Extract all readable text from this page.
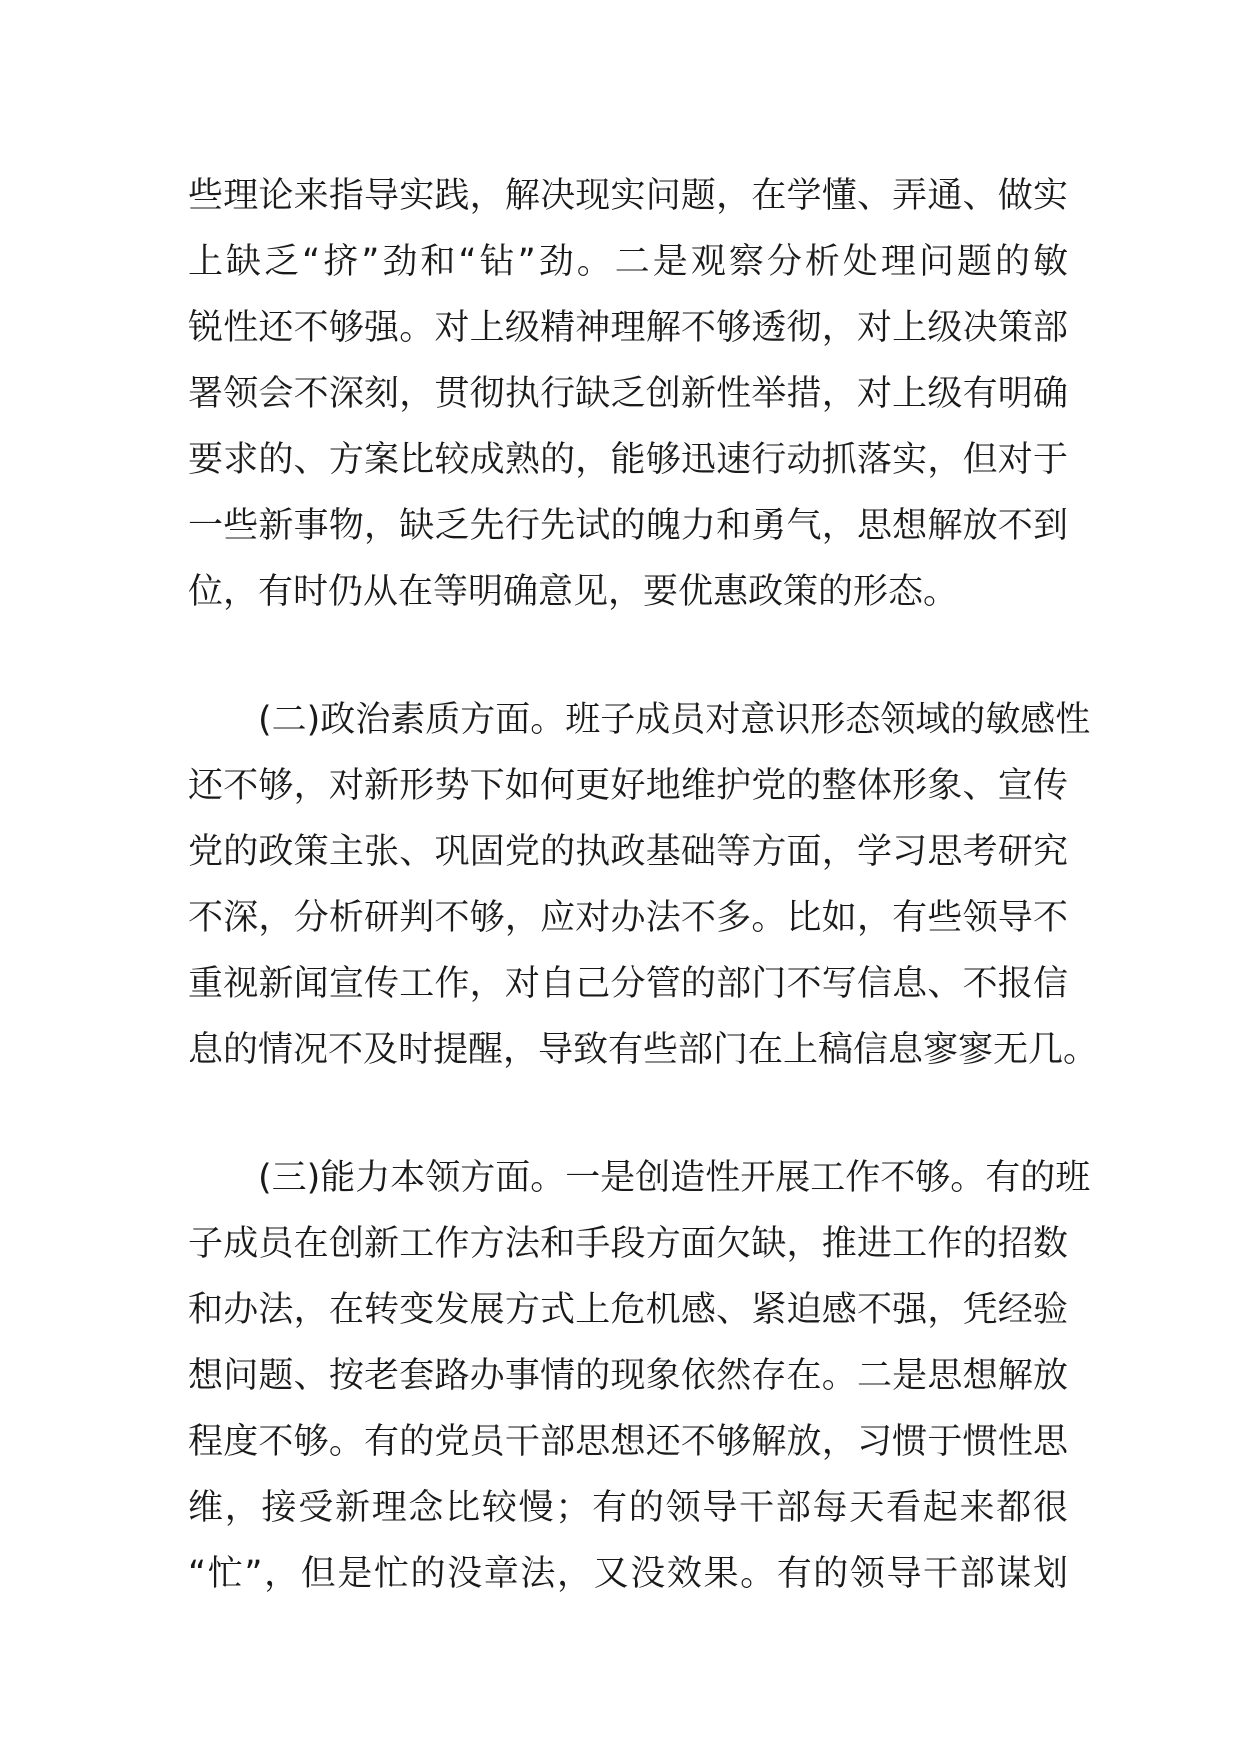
些理论来指导实践，解决现实问题，在学懂、弄通、做实
上缺乏“挤”劲和“钻”劲。二是观察分析处理问题的敏
锐性还不够强。对上级精神理解不够透彻，对上级决策部
署领会不深刻，贯彻执行缺乏创新性举措，对上级有明确
要求的、方案比较成熟的，能够迅速行动抓落实，但对于
一些新事物，缺乏先行先试的魄力和勇气，思想解放不到
位，有时仍从在等明确意见，要优惠政策的形态。
(二)政治素质方面。班子成员对意识形态领域的敏感性
还不够，对新形势下如何更好地维护党的整体形象、宣传
党的政策主张、巩固党的执政基础等方面，学习思考研究
不深，分析研判不够，应对办法不多。比如，有些领导不
重视新闻宣传工作，对自己分管的部门不写信息、不报信
息的情况不及时提醒，导致有些部门在上稿信息寥寥无几。
(三)能力本领方面。一是创造性开展工作不够。有的班
子成员在创新工作方法和手段方面欠缺，推进工作的招数
和办法，在转变发展方式上危机感、紧迫感不强，凭经验
想问题、按老套路办事情的现象依然存在。二是思想解放
程度不够。有的党员干部思想还不够解放，习惯于惯性思
维，接受新理念比较慢；有的领导干部每天看起来都很
“忙”，但是忙的没章法，又没效果。有的领导干部谋划
